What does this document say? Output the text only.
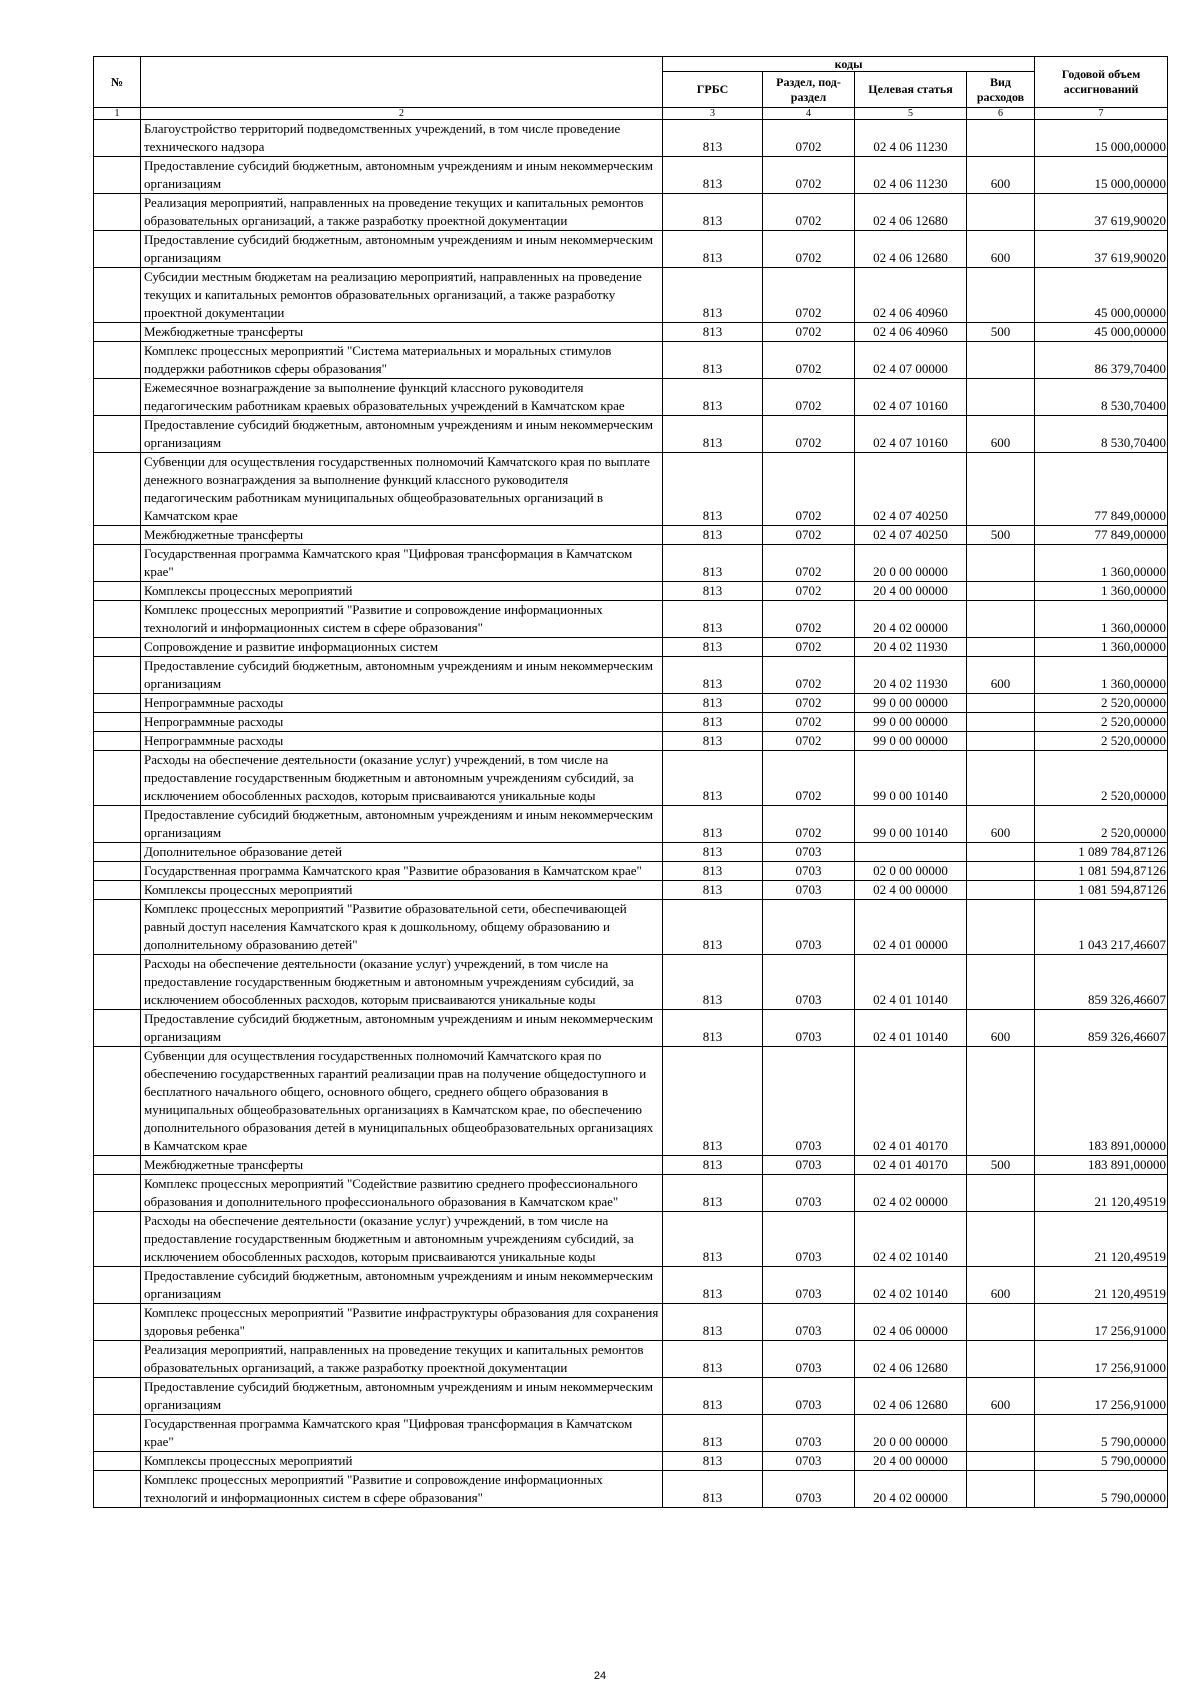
№		коды				Годовой объем ассигнований
		ГРБС	Раздел, под-раздел	Целевая статья	Вид расходов	
1	2	3	4	5	6	7
	Благоустройство территорий подведомственных учреждений, в том числе проведение технического надзора	813	0702	02 4 06 11230		15 000,00000
	Предоставление субсидий бюджетным, автономным учреждениям и иным некоммерческим организациям	813	0702	02 4 06 11230	600	15 000,00000
	Реализация мероприятий, направленных на проведение текущих и капитальных ремонтов образовательных организаций, а также разработку проектной документации	813	0702	02 4 06 12680		37 619,90020
	Предоставление субсидий бюджетным, автономным учреждениям и иным некоммерческим организациям	813	0702	02 4 06 12680	600	37 619,90020
	Субсидии местным бюджетам на реализацию мероприятий, направленных на проведение текущих и капитальных ремонтов образовательных организаций, а также разработку проектной документации	813	0702	02 4 06 40960		45 000,00000
	Межбюджетные трансферты	813	0702	02 4 06 40960	500	45 000,00000
	Комплекс процессных мероприятий "Система материальных и моральных стимулов поддержки работников сферы образования"	813	0702	02 4 07 00000		86 379,70400
	Ежемесячное вознаграждение за выполнение функций классного руководителя педагогическим работникам краевых образовательных учреждений в Камчатском крае	813	0702	02 4 07 10160		8 530,70400
	Предоставление субсидий бюджетным, автономным учреждениям и иным некоммерческим организациям	813	0702	02 4 07 10160	600	8 530,70400
	Субвенции для осуществления государственных полномочий Камчатского края по выплате денежного вознаграждения за выполнение функций классного руководителя педагогическим работникам муниципальных общеобразовательных организаций в Камчатском крае	813	0702	02 4 07 40250		77 849,00000
	Межбюджетные трансферты	813	0702	02 4 07 40250	500	77 849,00000
	Государственная программа Камчатского края "Цифровая трансформация в Камчатском крае"	813	0702	20 0 00 00000		1 360,00000
	Комплексы процессных мероприятий	813	0702	20 4 00 00000		1 360,00000
	Комплекс процессных мероприятий "Развитие и сопровождение информационных технологий и информационных систем в сфере образования"	813	0702	20 4 02 00000		1 360,00000
	Сопровождение и развитие информационных систем	813	0702	20 4 02 11930		1 360,00000
	Предоставление субсидий бюджетным, автономным учреждениям и иным некоммерческим организациям	813	0702	20 4 02 11930	600	1 360,00000
	Непрограммные расходы	813	0702	99 0 00 00000		2 520,00000
	Непрограммные расходы	813	0702	99 0 00 00000		2 520,00000
	Непрограммные расходы	813	0702	99 0 00 00000		2 520,00000
	Расходы на обеспечение деятельности (оказание услуг) учреждений, в том числе на предоставление государственным бюджетным и автономным учреждениям субсидий, за исключением обособленных расходов, которым присваиваются уникальные коды	813	0702	99 0 00 10140		2 520,00000
	Предоставление субсидий бюджетным, автономным учреждениям и иным некоммерческим организациям	813	0702	99 0 00 10140	600	2 520,00000
	Дополнительное образование детей	813	0703			1 089 784,87126
	Государственная программа Камчатского края "Развитие образования в Камчатском крае"	813	0703	02 0 00 00000		1 081 594,87126
	Комплексы процессных мероприятий	813	0703	02 4 00 00000		1 081 594,87126
	Комплекс процессных мероприятий "Развитие образовательной сети, обеспечивающей равный доступ населения Камчатского края к дошкольному, общему образованию и дополнительному образованию детей"	813	0703	02 4 01 00000		1 043 217,46607
	Расходы на обеспечение деятельности (оказание услуг) учреждений, в том числе на предоставление государственным бюджетным и автономным учреждениям субсидий, за исключением обособленных расходов, которым присваиваются уникальные коды	813	0703	02 4 01 10140		859 326,46607
	Предоставление субсидий бюджетным, автономным учреждениям и иным некоммерческим организациям	813	0703	02 4 01 10140	600	859 326,46607
	Субвенции для осуществления государственных полномочий Камчатского края по обеспечению государственных гарантий реализации прав на получение общедоступного и бесплатного начального общего, основного общего, среднего общего образования в муниципальных общеобразовательных организациях в Камчатском крае, по обеспечению дополнительного образования детей в муниципальных общеобразовательных организациях в Камчатском крае	813	0703	02 4 01 40170		183 891,00000
	Межбюджетные трансферты	813	0703	02 4 01 40170	500	183 891,00000
	Комплекс процессных мероприятий "Содействие развитию среднего профессионального образования и дополнительного профессионального образования в Камчатском крае"	813	0703	02 4 02 00000		21 120,49519
	Расходы на обеспечение деятельности (оказание услуг) учреждений, в том числе на предоставление государственным бюджетным и автономным учреждениям субсидий, за исключением обособленных расходов, которым присваиваются уникальные коды	813	0703	02 4 02 10140		21 120,49519
	Предоставление субсидий бюджетным, автономным учреждениям и иным некоммерческим организациям	813	0703	02 4 02 10140	600	21 120,49519
	Комплекс процессных мероприятий "Развитие инфраструктуры образования для сохранения здоровья ребенка"	813	0703	02 4 06 00000		17 256,91000
	Реализация мероприятий, направленных на проведение текущих и капитальных ремонтов образовательных организаций, а также разработку проектной документации	813	0703	02 4 06 12680		17 256,91000
	Предоставление субсидий бюджетным, автономным учреждениям и иным некоммерческим организациям	813	0703	02 4 06 12680	600	17 256,91000
	Государственная программа Камчатского края "Цифровая трансформация в Камчатском крае"	813	0703	20 0 00 00000		5 790,00000
	Комплексы процессных мероприятий	813	0703	20 4 00 00000		5 790,00000
	Комплекс процессных мероприятий "Развитие и сопровождение информационных технологий и информационных систем в сфере образования"	813	0703	20 4 02 00000		5 790,00000
24
